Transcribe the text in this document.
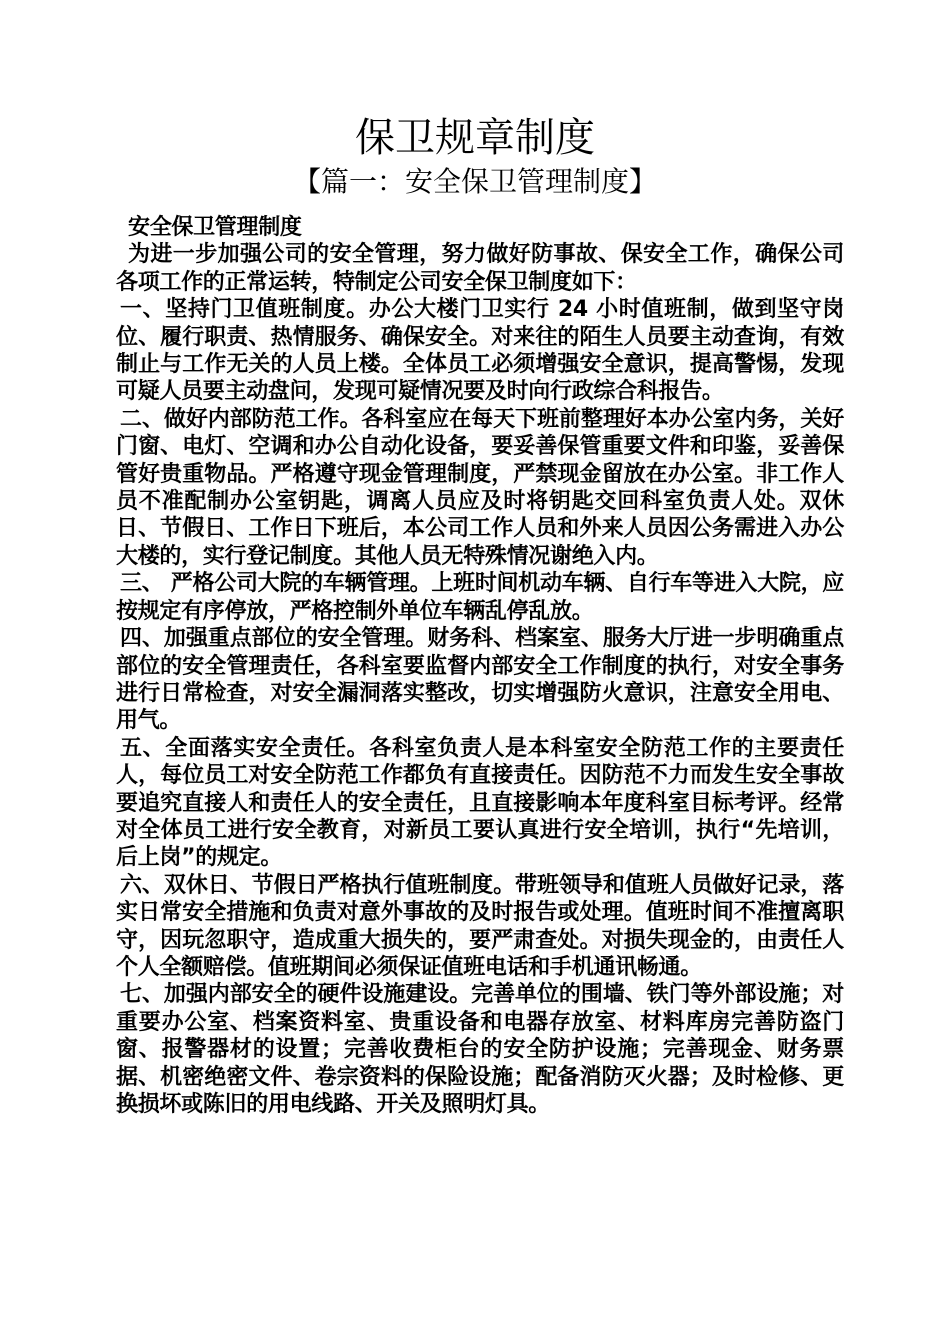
保卫规章制度
【篇一：安全保卫管理制度】

安全保卫管理制度

为进一步加强公司的安全管理，努力做好防事故、保安全工作，确保公司各项工作的正常运转，特制定公司安全保卫制度如下：

一、坚持门卫值班制度。办公大楼门卫实行 24 小时值班制，做到坚守岗位、履行职责、热情服务、确保安全。对来往的陌生人员要主动查询，有效制止与工作无关的人员上楼。全体员工必须增强安全意识，提高警惕，发现可疑人员要主动盘问，发现可疑情况要及时向行政综合科报告。

二、做好内部防范工作。各科室应在每天下班前整理好本办公室内务，关好门窗、电灯、空调和办公自动化设备，要妥善保管重要文件和印鉴，妥善保管好贵重物品。严格遵守现金管理制度，严禁现金留放在办公室。非工作人员不准配制办公室钥匙，调离人员应及时将钥匙交回科室负责人处。双休日、节假日、工作日下班后，本公司工作人员和外来人员因公务需进入办公大楼的，实行登记制度。其他人员无特殊情况谢绝入内。

三、 严格公司大院的车辆管理。上班时间机动车辆、自行车等进入大院，应按规定有序停放，严格控制外单位车辆乱停乱放。

四、加强重点部位的安全管理。财务科、档案室、服务大厅进一步明确重点部位的安全管理责任，各科室要监督内部安全工作制度的执行，对安全事务进行日常检查，对安全漏洞落实整改，切实增强防火意识，注意安全用电、用气。

五、全面落实安全责任。各科室负责人是本科室安全防范工作的主要责任人，每位员工对安全防范工作都负有直接责任。因防范不力而发生安全事故要追究直接人和责任人的安全责任，且直接影响本年度科室目标考评。经常对全体员工进行安全教育，对新员工要认真进行安全培训，执行“先培训，后上岗”的规定。

六、双休日、节假日严格执行值班制度。带班领导和值班人员做好记录，落实日常安全措施和负责对意外事故的及时报告或处理。值班时间不准擅离职守，因玩忽职守，造成重大损失的，要严肃查处。对损失现金的，由责任人个人全额赔偿。值班期间必须保证值班电话和手机通讯畅通。

七、加强内部安全的硬件设施建设。完善单位的围墙、铁门等外部设施；对重要办公室、档案资料室、贵重设备和电器存放室、材料库房完善防盗门窗、报警器材的设置；完善收费柜台的安全防护设施；完善现金、财务票据、机密绝密文件、卷宗资料的保险设施；配备消防灭火器；及时检修、更换损坏或陈旧的用电线路、开关及照明灯具。
